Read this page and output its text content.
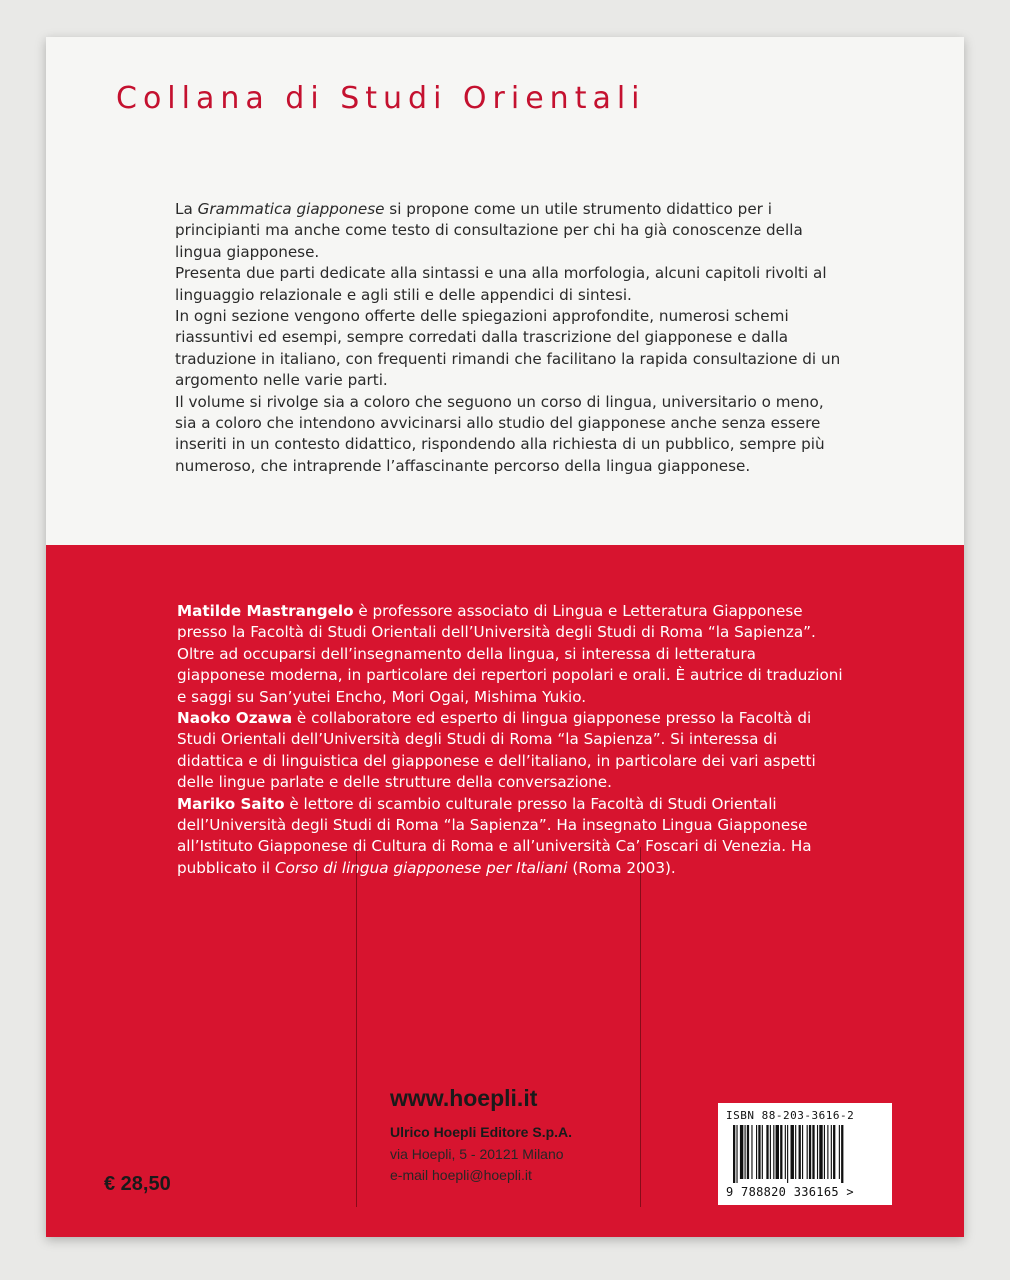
Collana di Studi Orientali

La Grammatica giapponese si propone come un utile strumento didattico per i principianti ma anche come testo di consultazione per chi ha già conoscenze della lingua giapponese.

Presenta due parti dedicate alla sintassi e una alla morfologia, alcuni capitoli rivolti al linguaggio relazionale e agli stili e delle appendici di sintesi.

In ogni sezione vengono offerte delle spiegazioni approfondite, numerosi schemi riassuntivi ed esempi, sempre corredati dalla trascrizione del giapponese e dalla traduzione in italiano, con frequenti rimandi che facilitano la rapida consultazione di un argomento nelle varie parti.

Il volume si rivolge sia a coloro che seguono un corso di lingua, universitario o meno, sia a coloro che intendono avvicinarsi allo studio del giapponese anche senza essere inseriti in un contesto didattico, rispondendo alla richiesta di un pubblico, sempre più numeroso, che intraprende l’affascinante percorso della lingua giapponese.

Matilde Mastrangelo è professore associato di Lingua e Letteratura Giapponese presso la Facoltà di Studi Orientali dell’Università degli Studi di Roma “la Sapienza”. Oltre ad occuparsi dell’insegnamento della lingua, si interessa di letteratura giapponese moderna, in particolare dei repertori popolari e orali. È autrice di traduzioni e saggi su San’yutei Encho, Mori Ogai, Mishima Yukio.

Naoko Ozawa è collaboratore ed esperto di lingua giapponese presso la Facoltà di Studi Orientali dell’Università degli Studi di Roma “la Sapienza”. Si interessa di didattica e di linguistica del giapponese e dell’italiano, in particolare dei vari aspetti delle lingue parlate e delle strutture della conversazione.

Mariko Saito è lettore di scambio culturale presso la Facoltà di Studi Orientali dell’Università degli Studi di Roma “la Sapienza”. Ha insegnato Lingua Giapponese all’Istituto Giapponese di Cultura di Roma e all’università Ca’ Foscari di Venezia. Ha pubblicato il Corso di lingua giapponese per Italiani (Roma 2003).

www.hoepli.it
Ulrico Hoepli Editore S.p.A.
via Hoepli, 5 - 20121 Milano
e-mail hoepli@hoepli.it
€ 28,50
ISBN 88-203-3616-2
9 788820 336165 >
